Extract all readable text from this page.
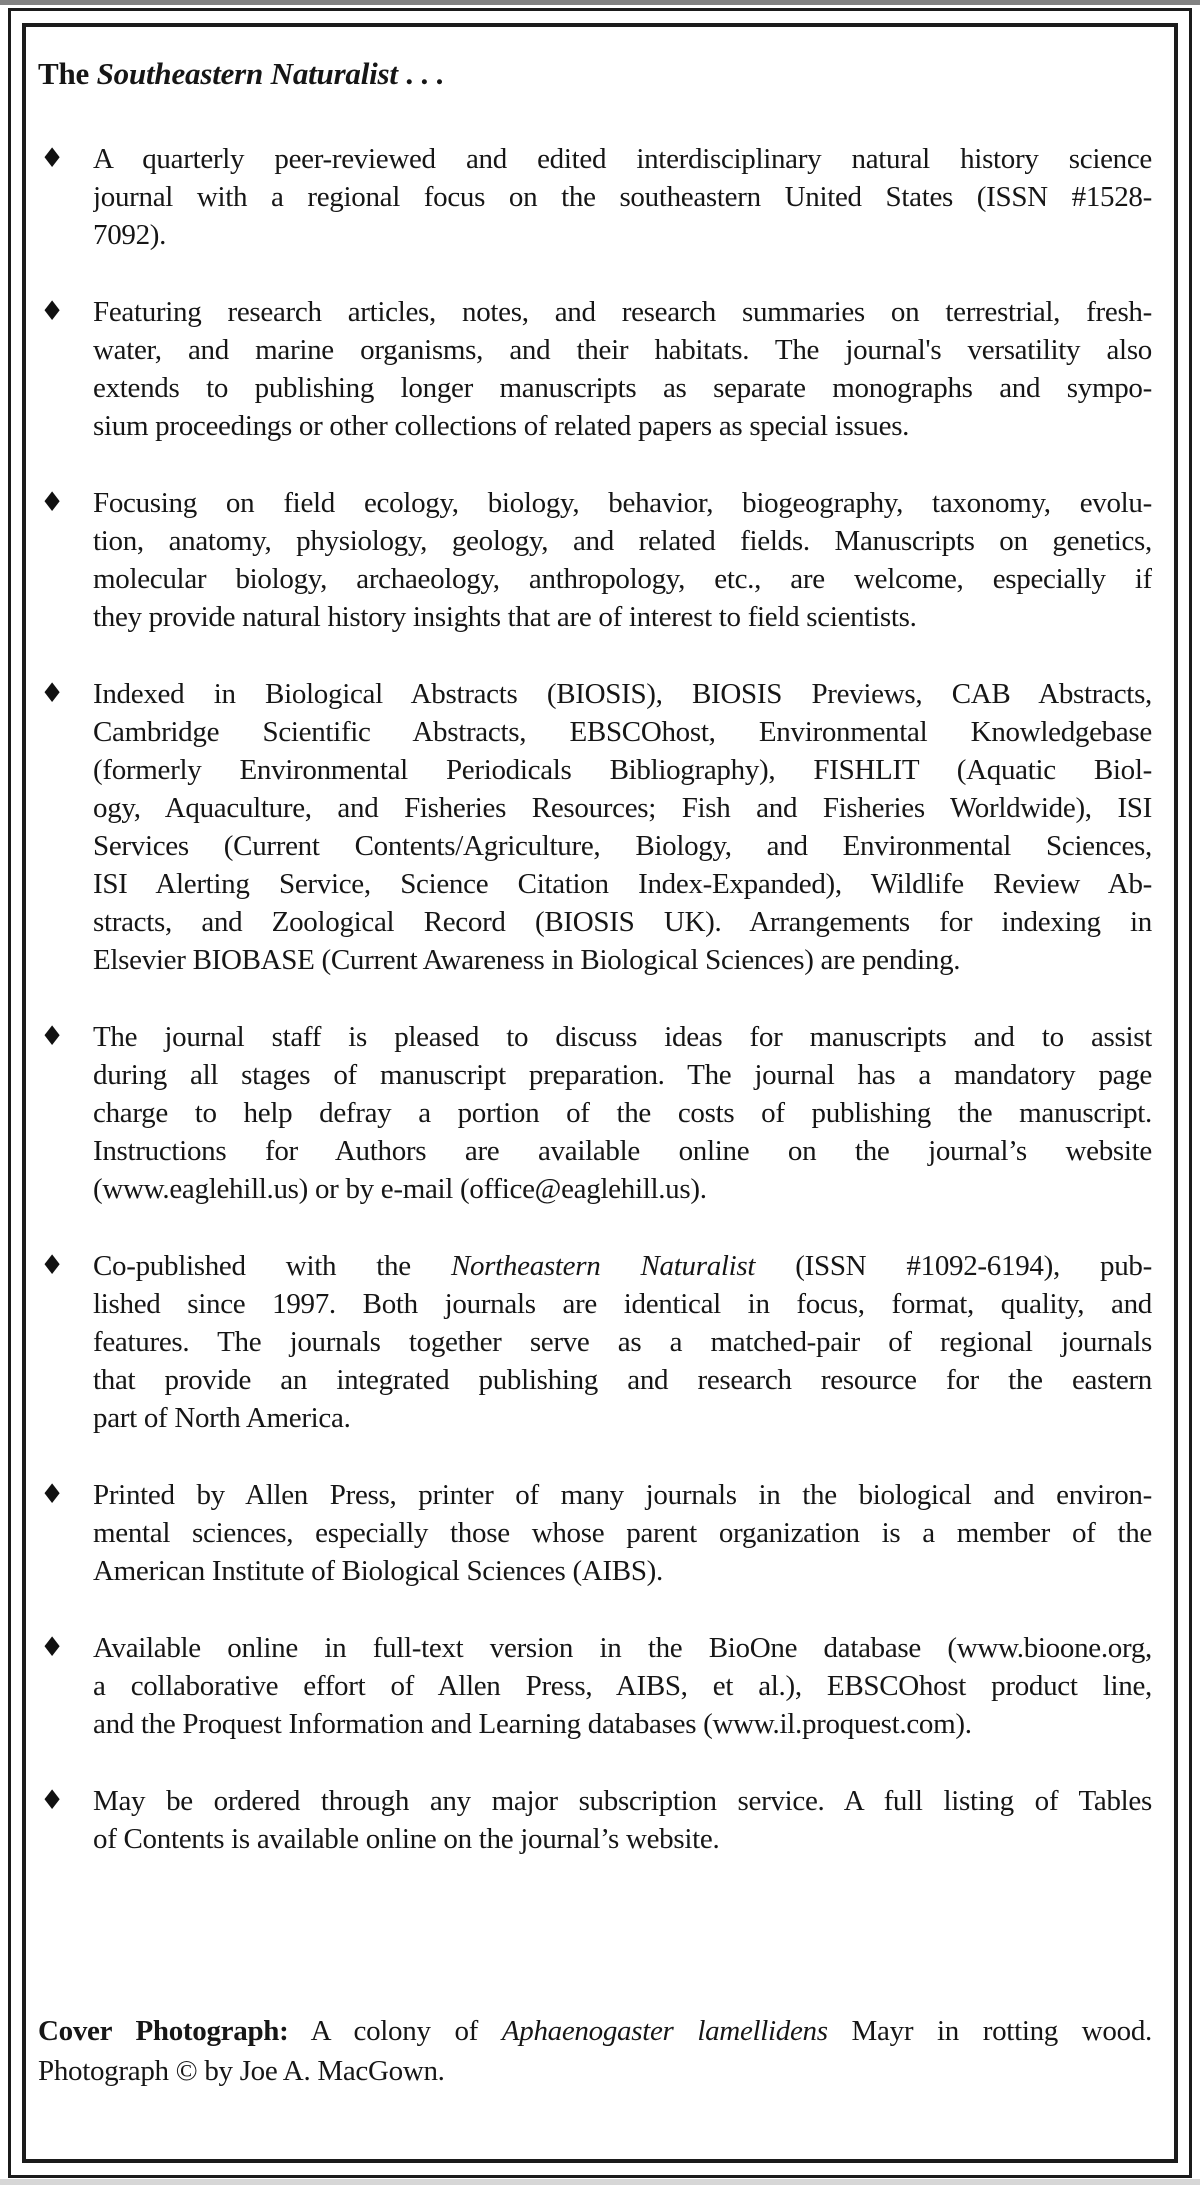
The Southeastern Naturalist . . .
♦ A quarterly peer-reviewed and edited interdisciplinary natural history science
journal with a regional focus on the southeastern United States (ISSN #1528-
7092).
♦ Featuring research articles, notes, and research summaries on terrestrial, fresh-
water, and marine organisms, and their habitats. The journal's versatility also
extends to publishing longer manuscripts as separate monographs and sympo-
sium proceedings or other collections of related papers as special issues.
♦ Focusing on field ecology, biology, behavior, biogeography, taxonomy, evolu-
tion, anatomy, physiology, geology, and related fields. Manuscripts on genetics,
molecular biology, archaeology, anthropology, etc., are welcome, especially if
they provide natural history insights that are of interest to field scientists.
♦ Indexed in Biological Abstracts (BIOSIS), BIOSIS Previews, CAB Abstracts,
Cambridge Scientific Abstracts, EBSCOhost, Environmental Knowledgebase
(formerly Environmental Periodicals Bibliography), FISHLIT (Aquatic Biol-
ogy, Aquaculture, and Fisheries Resources; Fish and Fisheries Worldwide), ISI
Services (Current Contents/Agriculture, Biology, and Environmental Sciences,
ISI Alerting Service, Science Citation Index-Expanded), Wildlife Review Ab-
stracts, and Zoological Record (BIOSIS UK). Arrangements for indexing in
Elsevier BIOBASE (Current Awareness in Biological Sciences) are pending.
♦ The journal staff is pleased to discuss ideas for manuscripts and to assist
during all stages of manuscript preparation. The journal has a mandatory page
charge to help defray a portion of the costs of publishing the manuscript.
Instructions for Authors are available online on the journal’s website
(www.eaglehill.us) or by e-mail (office@eaglehill.us).
♦ Co-published with the Northeastern Naturalist (ISSN #1092-6194), pub-
lished since 1997. Both journals are identical in focus, format, quality, and
features. The journals together serve as a matched-pair of regional journals
that provide an integrated publishing and research resource for the eastern
part of North America.
♦ Printed by Allen Press, printer of many journals in the biological and environ-
mental sciences, especially those whose parent organization is a member of the
American Institute of Biological Sciences (AIBS).
♦ Available online in full-text version in the BioOne database (www.bioone.org,
a collaborative effort of Allen Press, AIBS, et al.), EBSCOhost product line,
and the Proquest Information and Learning databases (www.il.proquest.com).
♦ May be ordered through any major subscription service. A full listing of Tables
of Contents is available online on the journal’s website.
Cover Photograph: A colony of Aphaenogaster lamellidens Mayr in rotting wood.
Photograph © by Joe A. MacGown.
